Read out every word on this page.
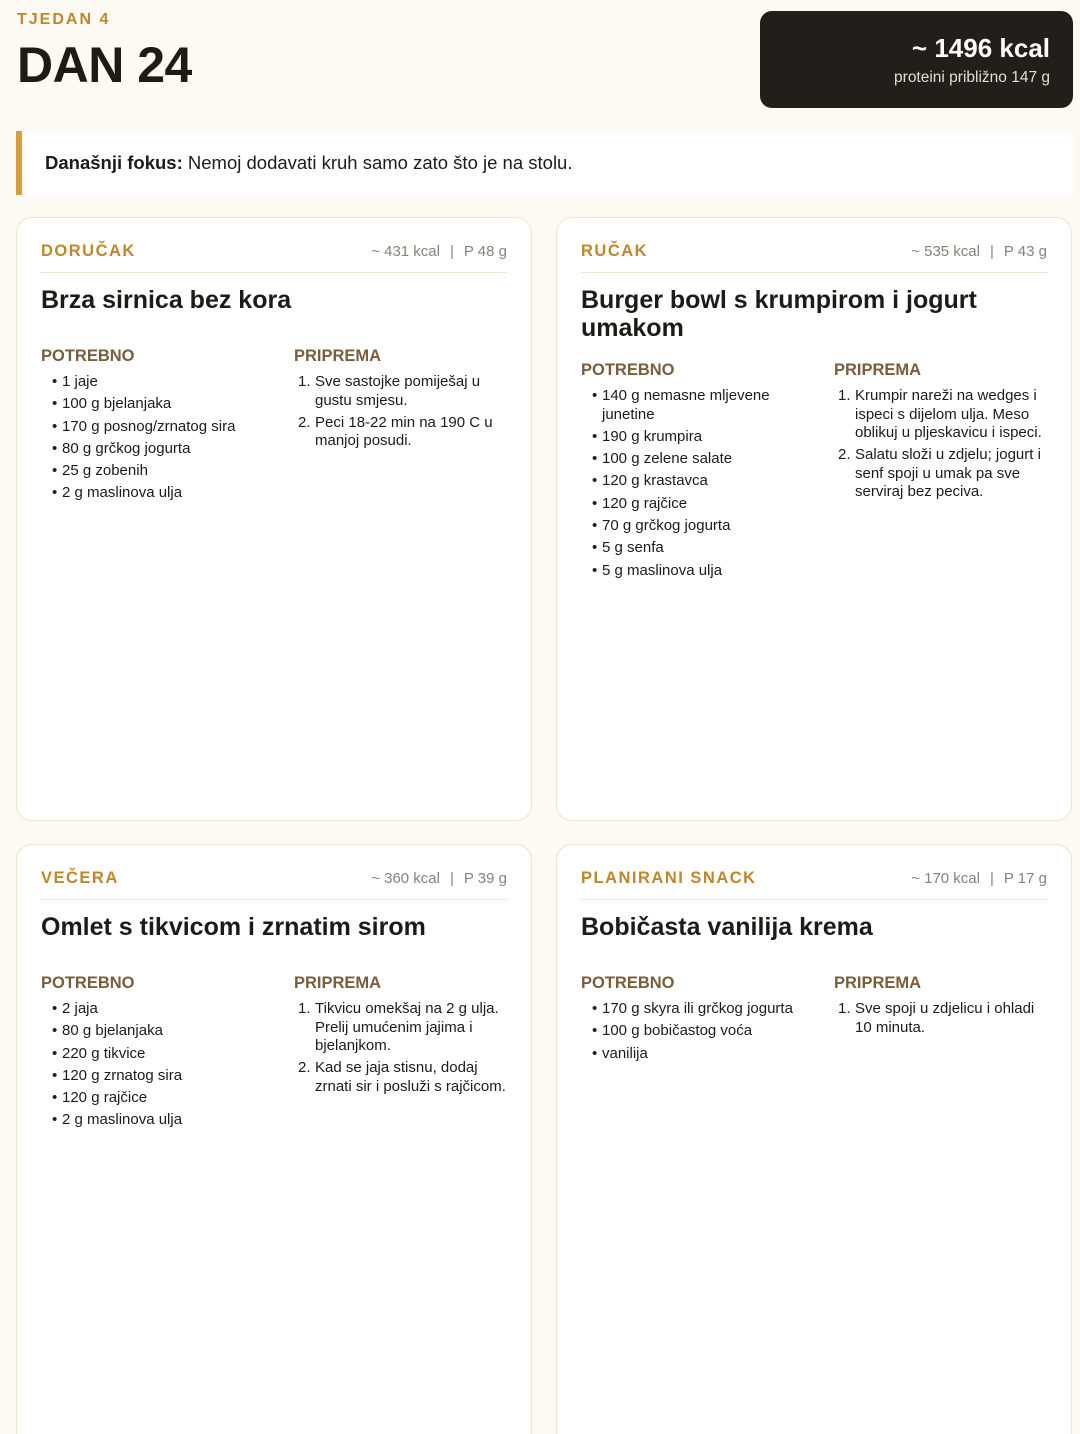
TJEDAN 4
DAN 24	~ 1496 kcal
proteini približno 147 g
Današnji fokus: Nemoj dodavati kruh samo zato što je na stolu.
DORUČAK	~ 431 kcal | P 48 g
Brza sirnica bez kora
POTREBNO
• 1 jaje
• 100 g bjelanjaka
• 170 g posnog/zrnatog sira
• 80 g grčkog jogurta
• 25 g zobenih
• 2 g maslinova ulja
PRIPREMA
Sve sastojke pomiješaj u gustu smjesu.
Peci 18-22 min na 190 C u manjoj posudi.
RUČAK	~ 535 kcal | P 43 g
Burger bowl s krumpirom i jogurt umakom
POTREBNO
• 140 g nemasne mljevene junetine
• 190 g krumpira
• 100 g zelene salate
• 120 g krastavca
• 120 g rajčice
• 70 g grčkog jogurta
• 5 g senfa
• 5 g maslinova ulja
PRIPREMA
Krumpir nareži na wedges i ispeci s dijelom ulja. Meso oblikuj u pljeskavicu i ispeci.
Salatu složi u zdjelu; jogurt i senf spoji u umak pa sve serviraj bez peciva.
VEČERA	~ 360 kcal | P 39 g
Omlet s tikvicom i zrnatim sirom
POTREBNO
• 2 jaja
• 80 g bjelanjaka
• 220 g tikvice
• 120 g zrnatog sira
• 120 g rajčice
• 2 g maslinova ulja
PRIPREMA
Tikvicu omekšaj na 2 g ulja. Prelij umućenim jajima i bjelanjkom.
Kad se jaja stisnu, dodaj zrnati sir i posluži s rajčicom.
PLANIRANI SNACK	~ 170 kcal | P 17 g
Bobičasta vanilija krema
POTREBNO
• 170 g skyra ili grčkog jogurta
• 100 g bobičastog voća
• vanilija
PRIPREMA
Sve spoji u zdjelicu i ohladi 10 minuta.
